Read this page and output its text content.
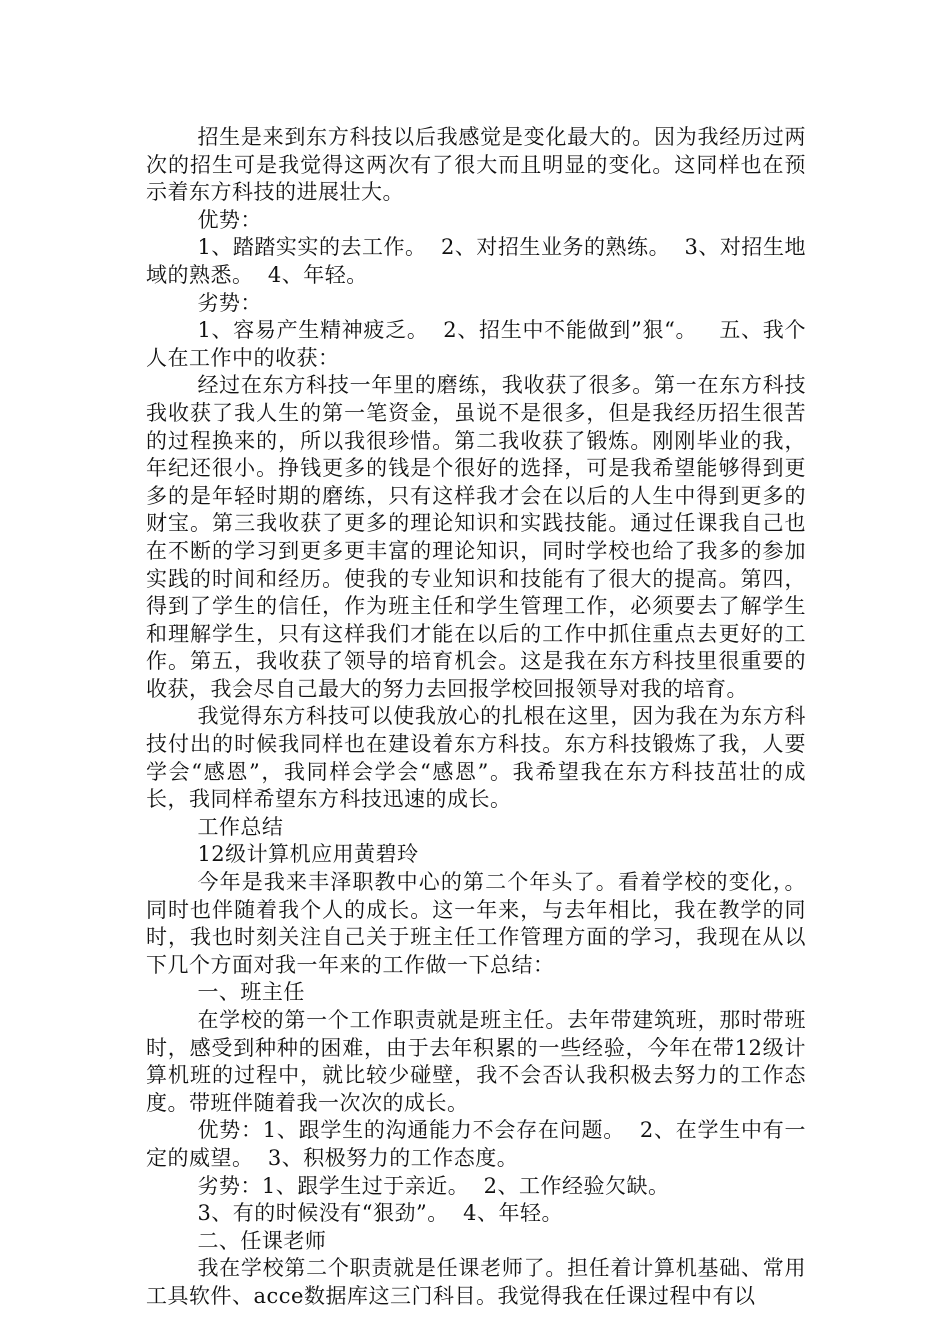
招生是来到东方科技以后我感觉是变化最大的。因为我经历过两次的招生可是我觉得这两次有了很大而且明显的变化。这同样也在预示着东方科技的进展壮大。

优势：

1、踏踏实实的去工作。  2、对招生业务的熟练。  3、对招生地域的熟悉。  4、年轻。

劣势：

1、容易产生精神疲乏。  2、招生中不能做到”狠“。   五、我个人在工作中的收获：

经过在东方科技一年里的磨练，我收获了很多。第一在东方科技我收获了我人生的第一笔资金，虽说不是很多，但是我经历招生很苦的过程换来的，所以我很珍惜。第二我收获了锻炼。刚刚毕业的我，年纪还很小。挣钱更多的钱是个很好的选择，可是我希望能够得到更多的是年轻时期的磨练，只有这样我才会在以后的人生中得到更多的财宝。第三我收获了更多的理论知识和实践技能。通过任课我自己也在不断的学习到更多更丰富的理论知识，同时学校也给了我多的参加实践的时间和经历。使我的专业知识和技能有了很大的提高。第四，得到了学生的信任，作为班主任和学生管理工作，必须要去了解学生和理解学生，只有这样我们才能在以后的工作中抓住重点去更好的工作。第五，我收获了领导的培育机会。这是我在东方科技里很重要的收获，我会尽自己最大的努力去回报学校回报领导对我的培育。

我觉得东方科技可以使我放心的扎根在这里，因为我在为东方科技付出的时候我同样也在建设着东方科技。东方科技锻炼了我，人要学会“感恩”，我同样会学会“感恩”。我希望我在东方科技茁壮的成长，我同样希望东方科技迅速的成长。

工作总结

12级计算机应用黄碧玲

今年是我来丰泽职教中心的第二个年头了。看着学校的变化，。同时也伴随着我个人的成长。这一年来，与去年相比，我在教学的同时，我也时刻关注自己关于班主任工作管理方面的学习，我现在从以下几个方面对我一年来的工作做一下总结：

一、班主任

在学校的第一个工作职责就是班主任。去年带建筑班，那时带班时，感受到种种的困难，由于去年积累的一些经验，今年在带12级计算机班的过程中，就比较少碰壁，我不会否认我积极去努力的工作态度。带班伴随着我一次次的成长。

优势：1、跟学生的沟通能力不会存在问题。  2、在学生中有一定的威望。  3、积极努力的工作态度。

劣势：1、跟学生过于亲近。  2、工作经验欠缺。

3、有的时候没有“狠劲”。  4、年轻。

二、任课老师

我在学校第二个职责就是任课老师了。担任着计算机基础、常用工具软件、acce数据库这三门科目。我觉得我在任课过程中有以
